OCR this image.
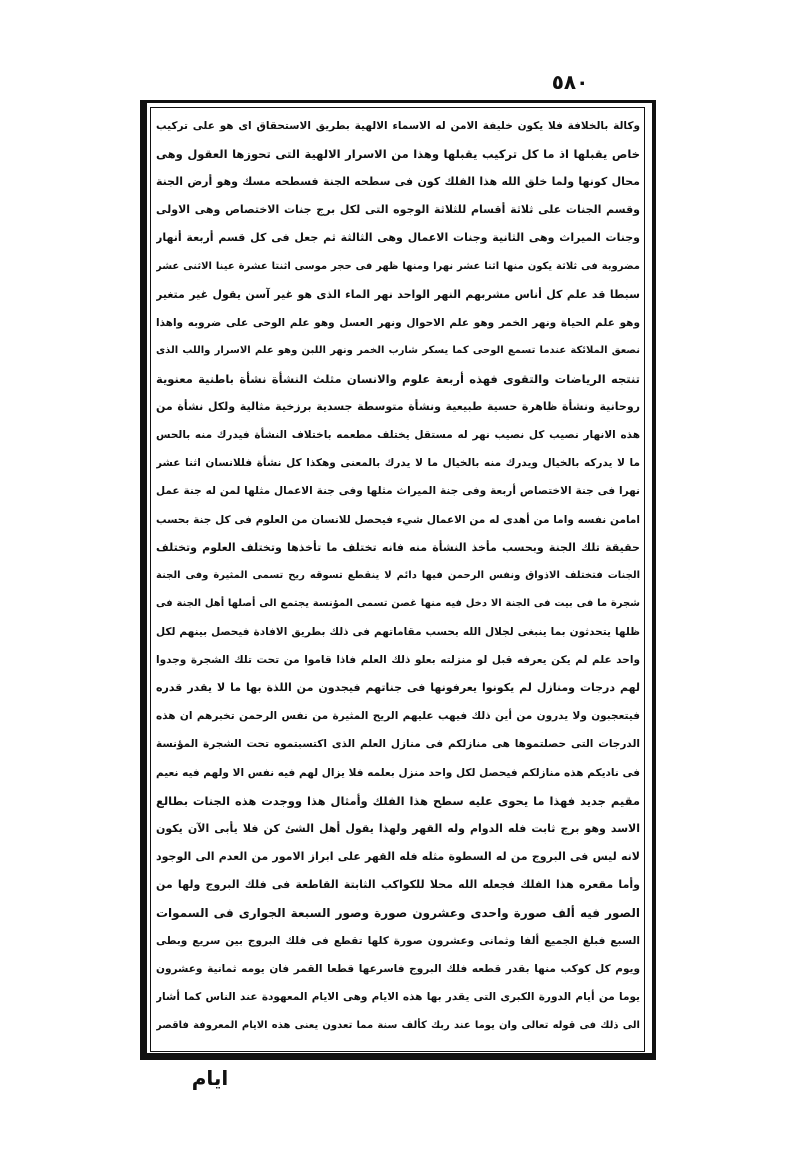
٥٨٠
وكالة بالخلافة فلا يكون خليفة الامن له الاسماء الالهية بطريق الاستحقاق اى هو على تركيب
خاص يقبلها اذ ما كل تركيب يقبلها وهذا من الاسرار الالهية التى تحوزها العقول وهى
محال كونها ولما خلق الله هذا الفلك كون فى سطحه الجنة فسطحه مسك وهو أرض الجنة
وقسم الجنات على ثلاثة أقسام للثلاثة الوجوه التى لكل برج جنات الاختصاص وهى الاولى
وجنات الميراث وهى الثانية وجنات الاعمال وهى الثالثة ثم جعل فى كل قسم أربعة أنهار
مضروبة فى ثلاثة يكون منها اثنا عشر نهرا ومنها ظهر فى حجر موسى اثنتا عشرة عينا الاثنى عشر
سبطا قد علم كل أناس مشربهم النهر الواحد نهر الماء الذى هو غير آسن يقول غير متغير
وهو علم الحياة ونهر الخمر وهو علم الاحوال ونهر العسل وهو علم الوحى على ضروبه واهذا
نصعق الملائكة عندما تسمع الوحى كما يسكر شارب الخمر ونهر اللبن وهو علم الاسرار واللب الذى
تنتجه الرياضات والتقوى فهذه أربعة علوم والانسان مثلث النشأة نشأة باطنية معنوية
روحانية ونشأة ظاهرة حسية طبيعية ونشأة متوسطة جسدية برزخية مثالية ولكل نشأة من
هذه الانهار نصيب كل نصيب نهر له مستقل يختلف مطعمه باختلاف النشأة فيدرك منه بالحس
ما لا يدركه بالخيال ويدرك منه بالخيال ما لا يدرك بالمعنى وهكذا كل نشأة فللانسان اثنا عشر
نهرا فى جنة الاختصاص أربعة وفى جنة الميراث مثلها وفى جنة الاعمال مثلها لمن له جنة عمل
امامن نفسه واما من أهدى له من الاعمال شيء فيحصل للانسان من العلوم فى كل جنة بحسب
حقيقة تلك الجنة وبحسب مأخذ النشأة منه فانه تختلف ما تأخذها وتختلف العلوم وتختلف
الجنات فتختلف الاذواق ونفس الرحمن فيها دائم لا ينقطع تسوقه ريح تسمى المثيرة وفى الجنة
شجرة ما فى بيت فى الجنة الا دخل فيه منها غصن تسمى المؤنسة يجتمع الى أصلها أهل الجنة فى
ظلها يتحدثون بما ينبغى لجلال الله بحسب مقاماتهم فى ذلك بطريق الافادة فيحصل بينهم لكل
واحد علم لم يكن يعرفه قبل لو منزلته بعلو ذلك العلم فاذا قاموا من تحت تلك الشجرة وجدوا
لهم درجات ومنازل لم يكونوا يعرفونها فى جناتهم فيجدون من اللذة بها ما لا يقدر قدره
فيتعجبون ولا يدرون من أين ذلك فيهب عليهم الريح المثيرة من نفس الرحمن تخبرهم ان هذه
الدرجات التى حصلتموها هى منازلكم فى منازل العلم الذى اكتسبتموه تحت الشجرة المؤنسة
فى ناديكم هذه منازلكم فيحصل لكل واحد منزل بعلمه فلا يزال لهم فيه نفس الا ولهم فيه نعيم
مقيم جديد فهذا ما يحوى عليه سطح هذا الفلك وأمثال هذا ووجدت هذه الجنات بطالع
الاسد وهو برج ثابت فله الدوام وله القهر ولهذا يقول أهل الشئ كن فلا يأبى الآن يكون
لانه ليس فى البروج من له السطوة مثله فله القهر على ابراز الامور من العدم الى الوجود
وأما مقعره هذا الفلك فجعله الله محلا للكواكب الثابتة القاطعة فى فلك البروج ولها من
الصور فيه ألف صورة واحدى وعشرون صورة وصور السبعة الجوارى فى السموات
السبع فبلغ الجميع ألفا وثمانى وعشرون صورة كلها تقطع فى فلك البروج بين سريع وبطى
ويوم كل كوكب منها بقدر قطعه فلك البروج فاسرعها قطعا القمر فان يومه ثمانية وعشرون
يوما من أيام الدورة الكبرى التى يقدر بها هذه الايام وهى الايام المعهودة عند الناس كما أشار
الى ذلك فى قوله تعالى وان يوما عند ربك كألف سنة مما تعدون يعنى هذه الايام المعروفة فاقصر
ايام
